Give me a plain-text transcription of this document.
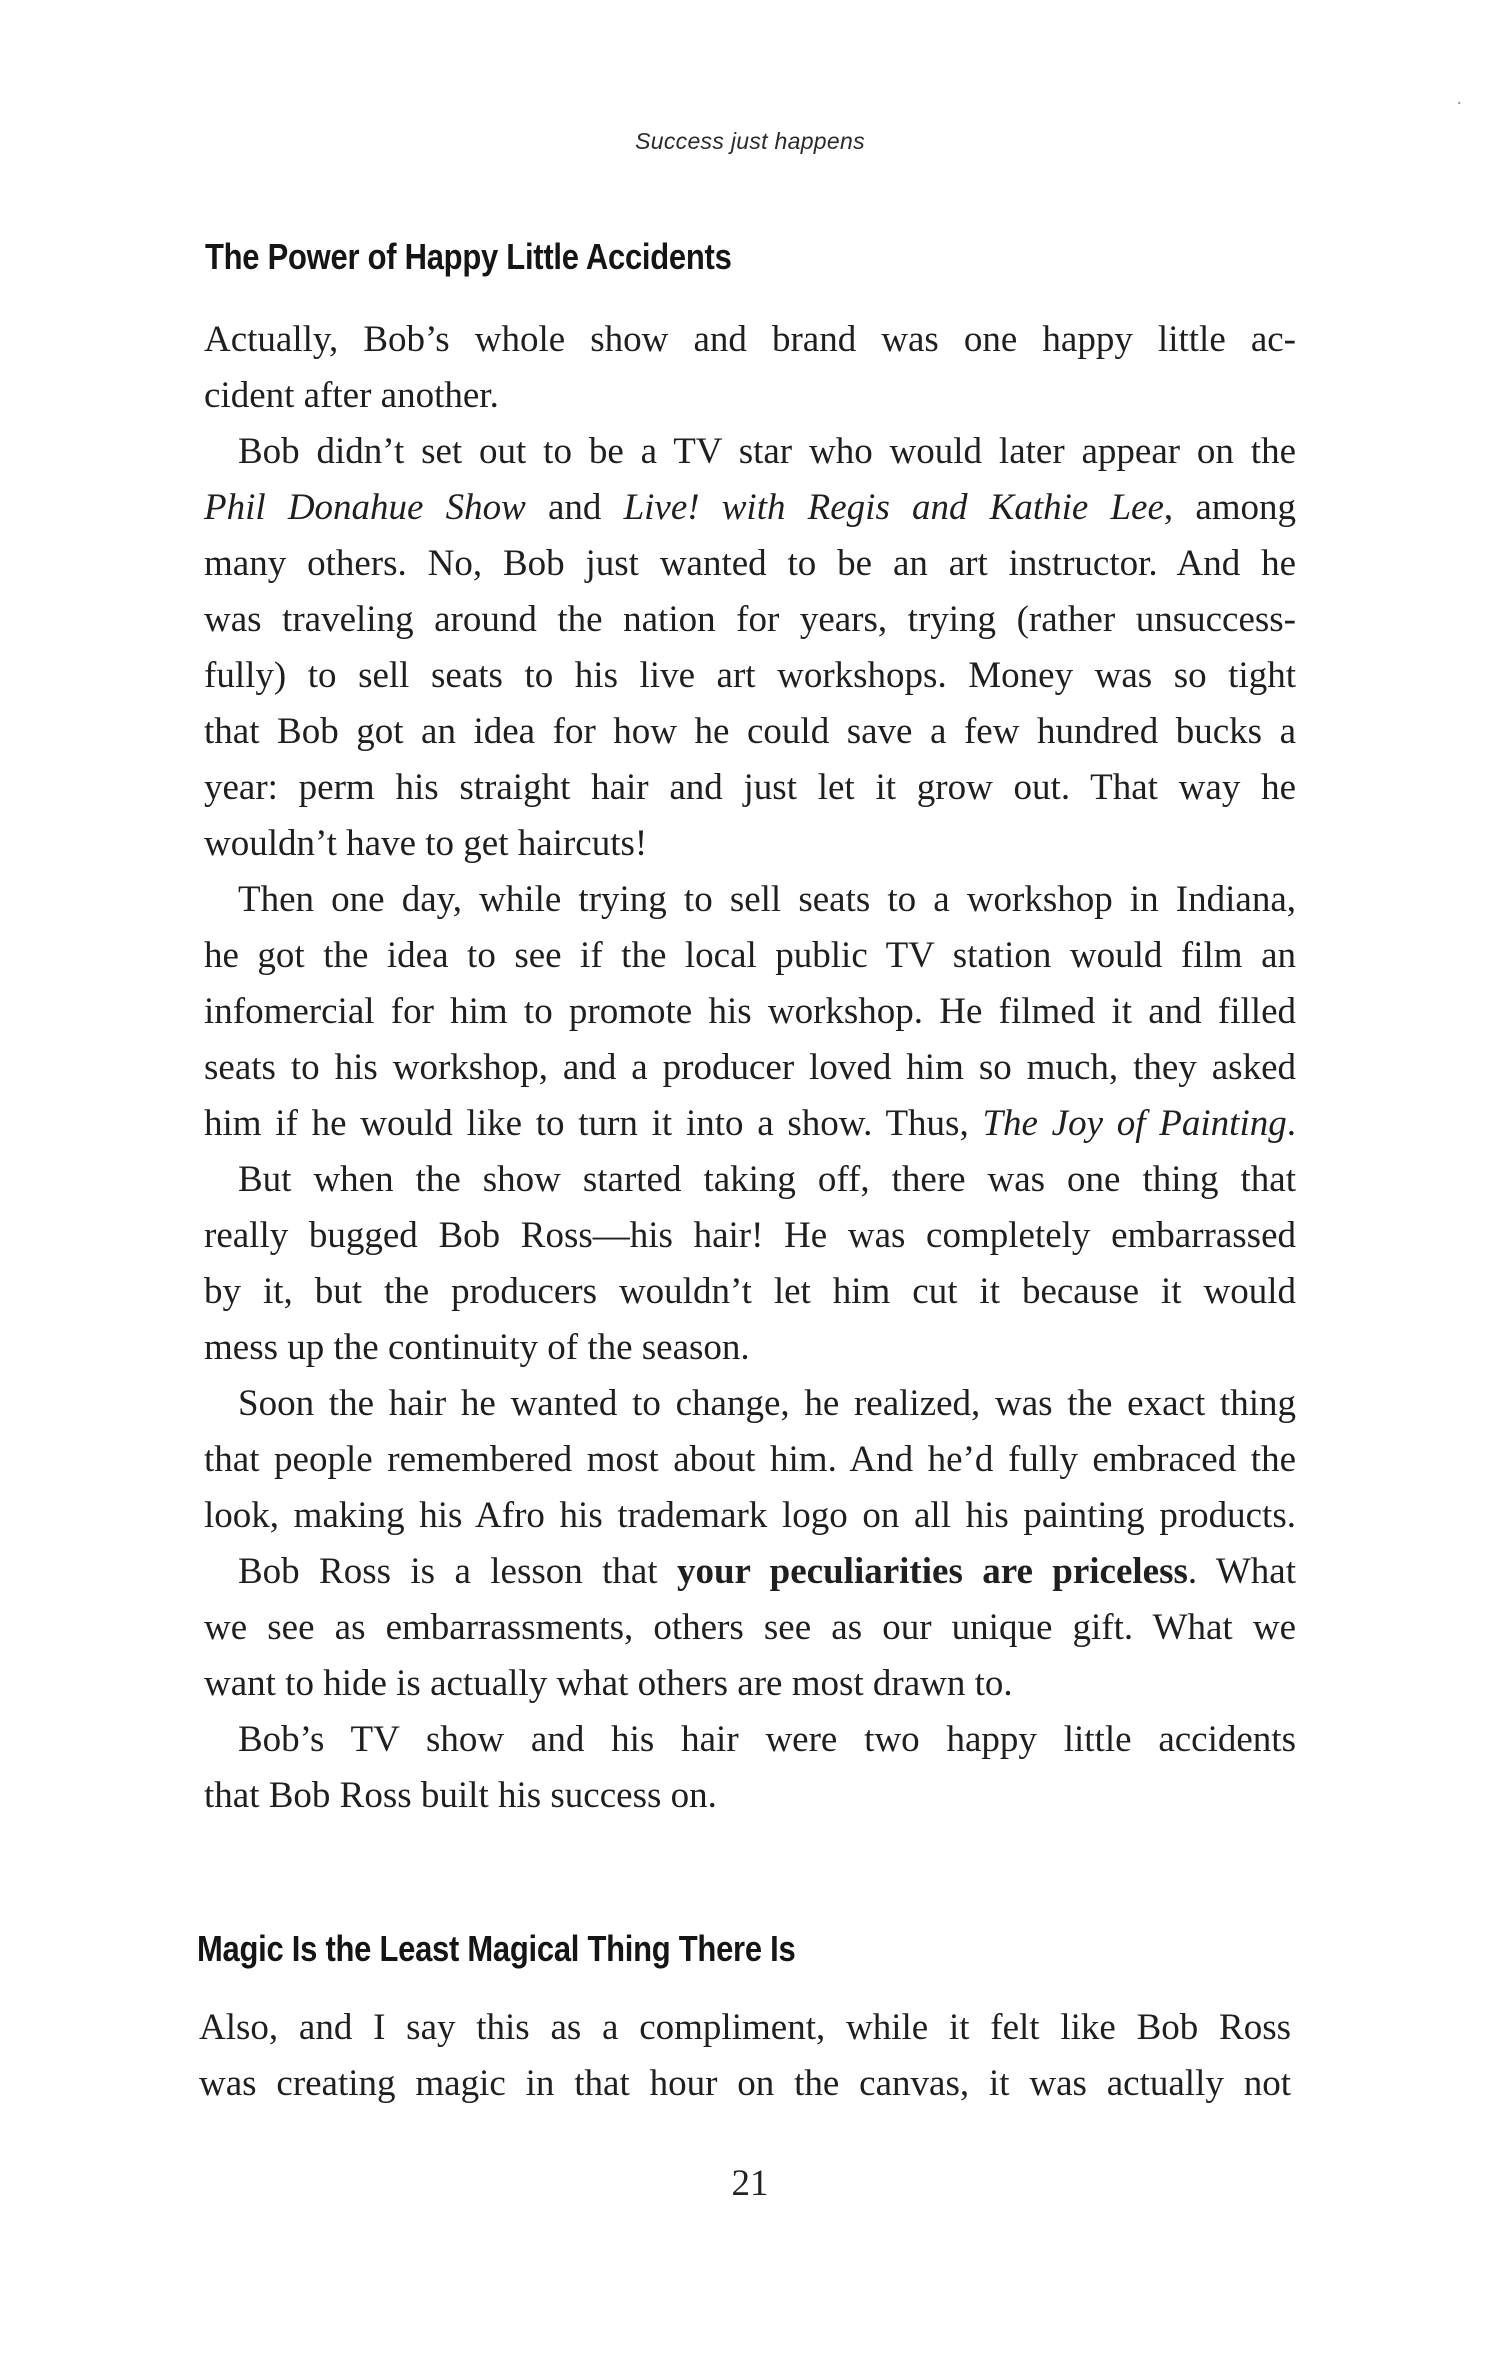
٠
Success just happens
The Power of Happy Little Accidents
Actually, Bob’s whole show and brand was one happy little ac-
cident after another.
Bob didn’t set out to be a TV star who would later appear on the
Phil Donahue Show and Live! with Regis and Kathie Lee, among
many others. No, Bob just wanted to be an art instructor. And he
was traveling around the nation for years, trying (rather unsuccess-
fully) to sell seats to his live art workshops. Money was so tight
that Bob got an idea for how he could save a few hundred bucks a
year: perm his straight hair and just let it grow out. That way he
wouldn’t have to get haircuts!
Then one day, while trying to sell seats to a workshop in Indiana,
he got the idea to see if the local public TV station would film an
infomercial for him to promote his workshop. He filmed it and filled
seats to his workshop, and a producer loved him so much, they asked
him if he would like to turn it into a show. Thus, The Joy of Painting.
But when the show started taking off, there was one thing that
really bugged Bob Ross—his hair! He was completely embarrassed
by it, but the producers wouldn’t let him cut it because it would
mess up the continuity of the season.
Soon the hair he wanted to change, he realized, was the exact thing
that people remembered most about him. And he’d fully embraced the
look, making his Afro his trademark logo on all his painting products.
Bob Ross is a lesson that your peculiarities are priceless. What
we see as embarrassments, others see as our unique gift. What we
want to hide is actually what others are most drawn to.
Bob’s TV show and his hair were two happy little accidents
that Bob Ross built his success on.
Magic Is the Least Magical Thing There Is
Also, and I say this as a compliment, while it felt like Bob Ross
was creating magic in that hour on the canvas, it was actually not
21
